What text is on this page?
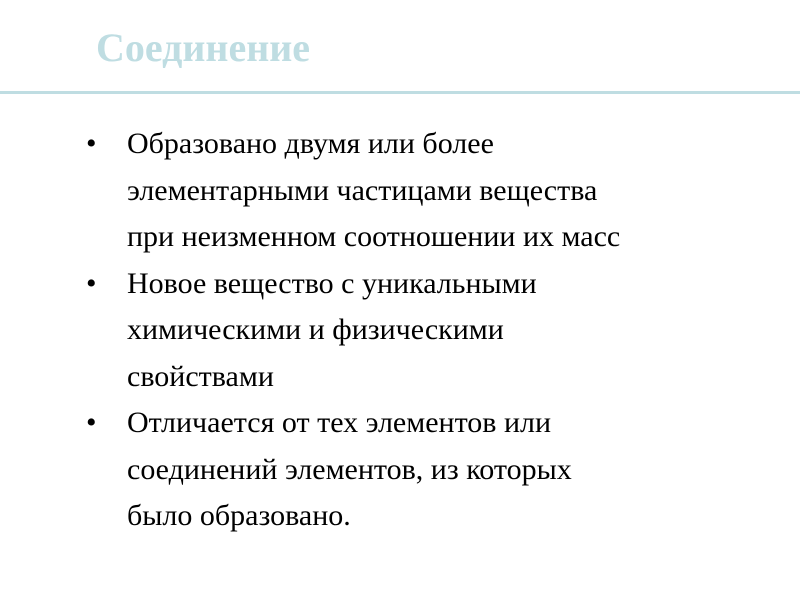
Соединение
• Образовано двумя или более
элементарными частицами вещества
при неизменном соотношении их масс
• Новое вещество с уникальными
химическими и физическими
свойствами
• Отличается от тех элементов или
соединений элементов, из которых
было образовано.
